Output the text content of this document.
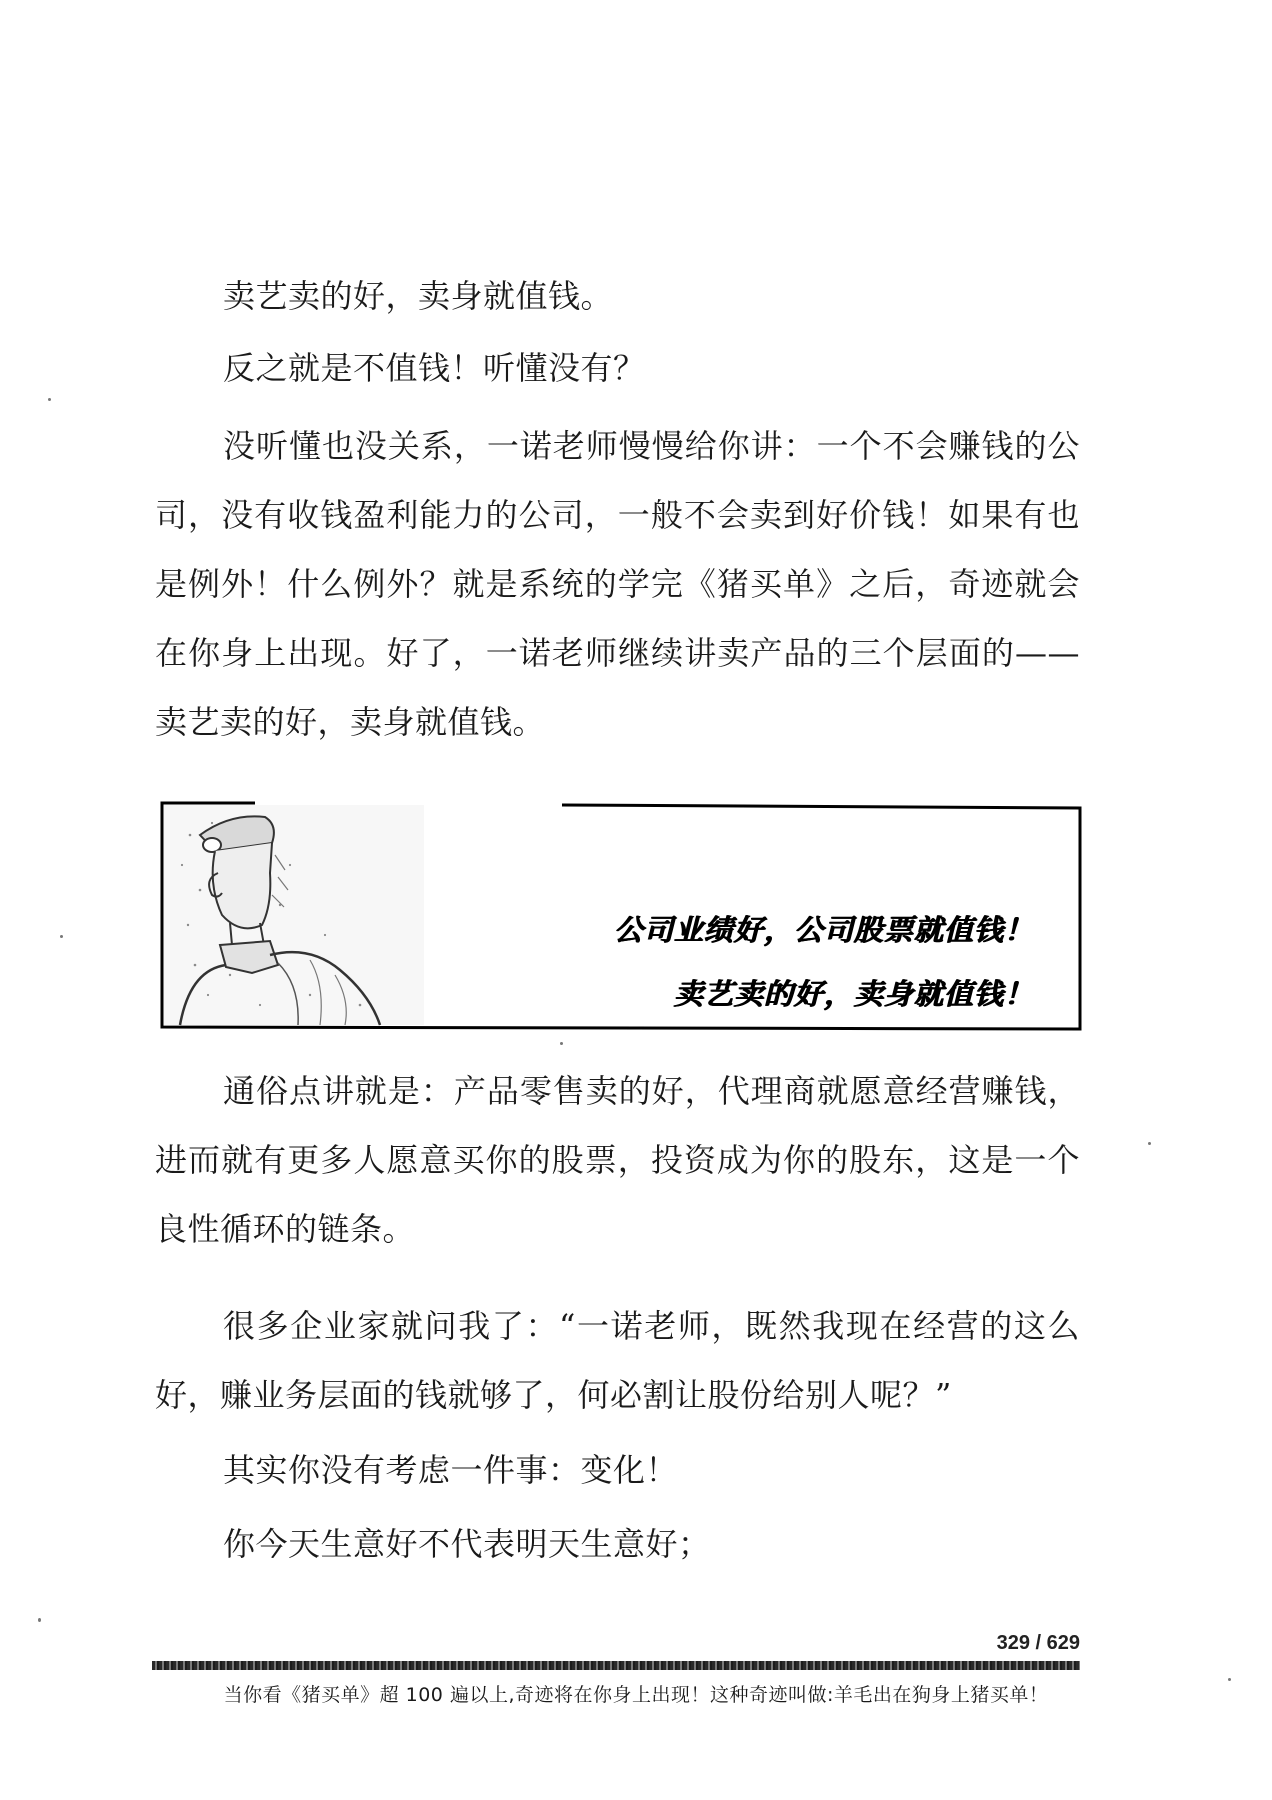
卖艺卖的好，卖身就值钱。

反之就是不值钱！听懂没有？

没听懂也没关系，一诺老师慢慢给你讲：一个不会赚钱的公司，没有收钱盈利能力的公司，一般不会卖到好价钱！如果有也是例外！什么例外？就是系统的学完《猪买单》之后，奇迹就会在你身上出现。好了，一诺老师继续讲卖产品的三个层面的——卖艺卖的好，卖身就值钱。

公司业绩好，公司股票就值钱！
卖艺卖的好，卖身就值钱！

通俗点讲就是：产品零售卖的好，代理商就愿意经营赚钱，进而就有更多人愿意买你的股票，投资成为你的股东，这是一个良性循环的链条。

很多企业家就问我了：“一诺老师，既然我现在经营的这么好，赚业务层面的钱就够了，何必割让股份给别人呢？”

其实你没有考虑一件事：变化！

你今天生意好不代表明天生意好；

329 / 629
当你看《猪买单》超 100 遍以上,奇迹将在你身上出现！这种奇迹叫做:羊毛出在狗身上猪买单！
